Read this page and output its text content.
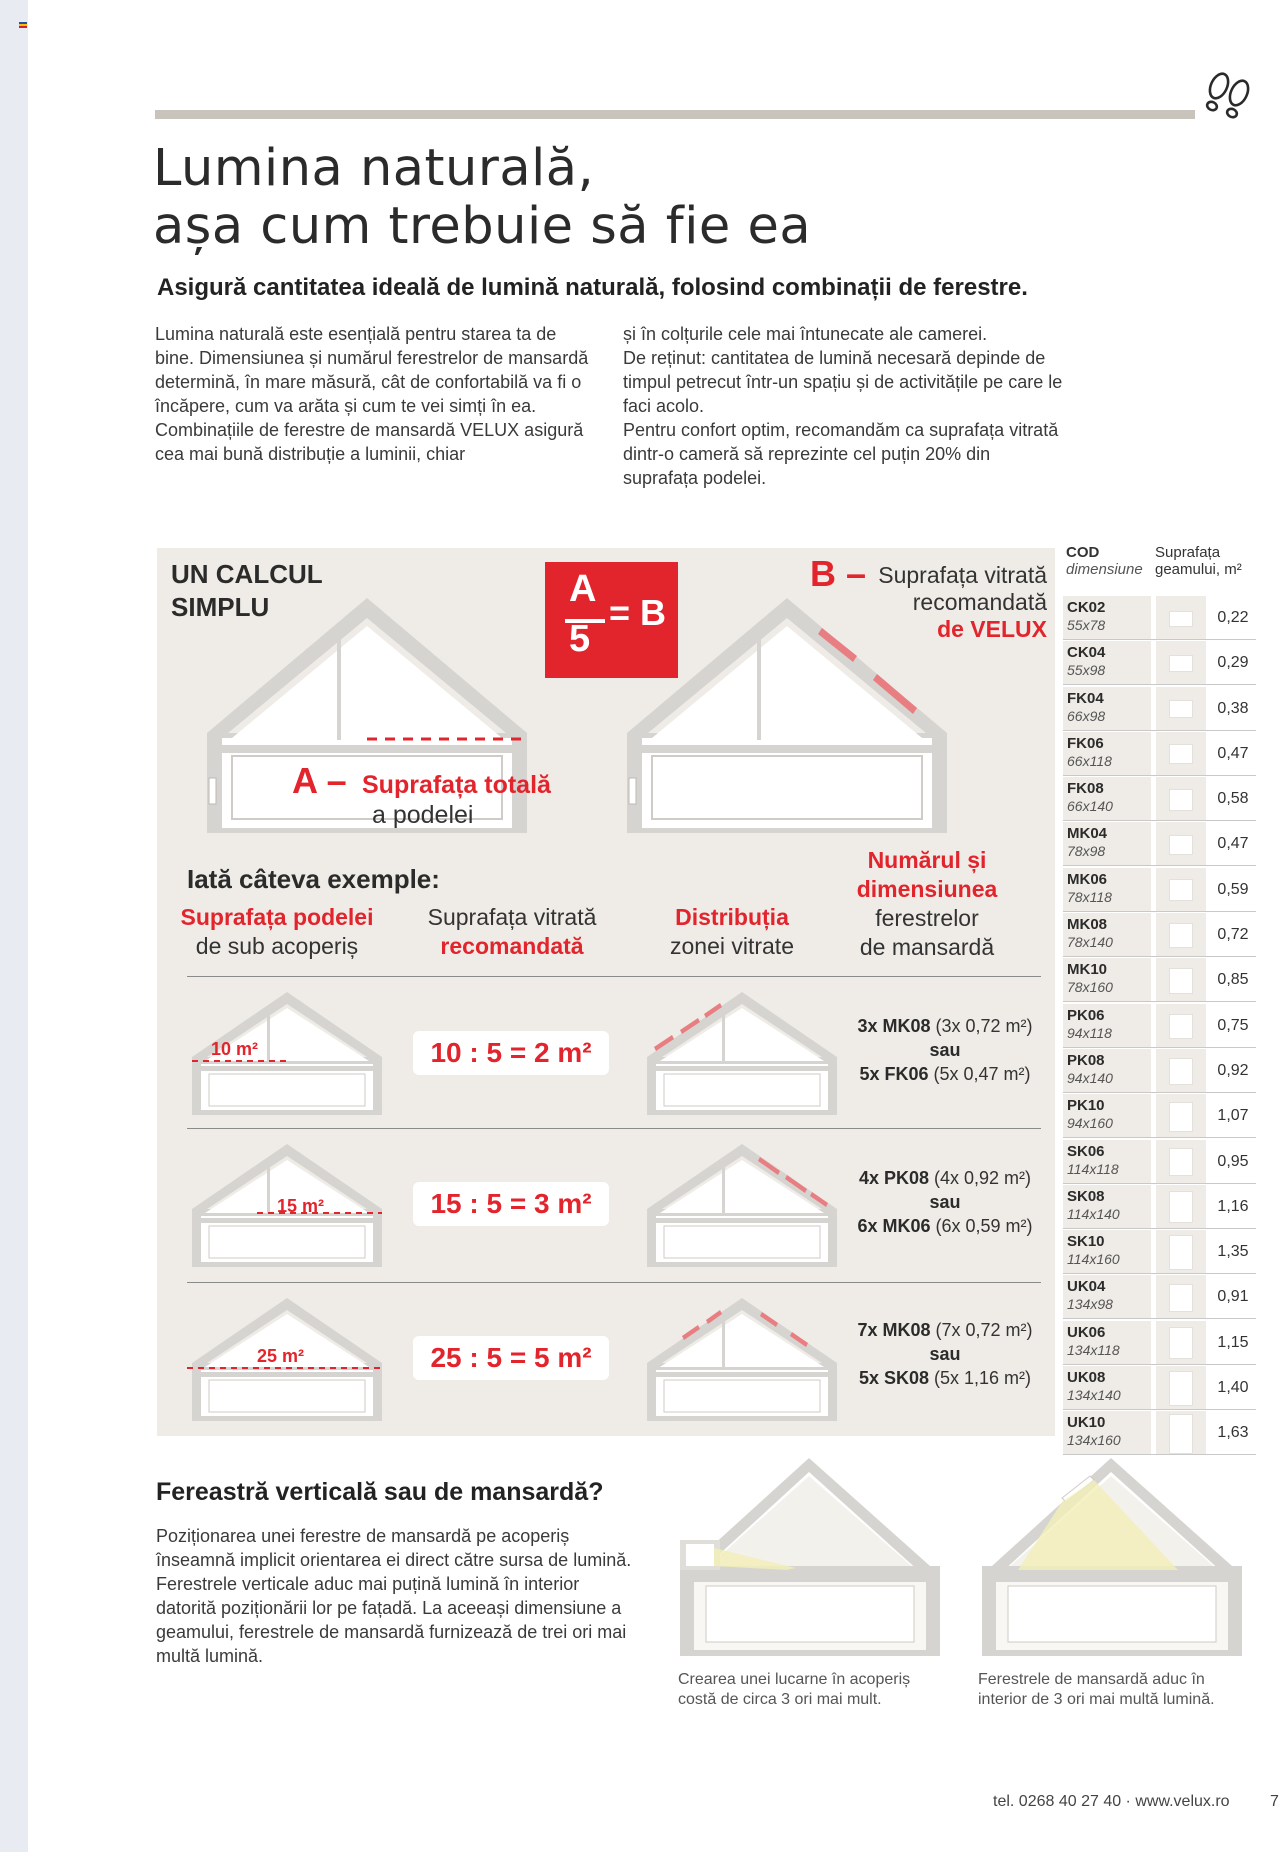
Lumina naturală,
așa cum trebuie să fie ea
Asigură cantitatea ideală de lumină naturală, folosind combinații de ferestre.

Lumina naturală este esențială pentru starea ta de bine. Dimensiunea și numărul ferestrelor de mansardă determină, în mare măsură, cât de confortabilă va fi o încăpere, cum va arăta și cum te vei simți în ea.

Combinațiile de ferestre de mansardă VELUX asigură cea mai bună distribuție a luminii, chiar

și în colțurile cele mai întunecate ale camerei.

De reținut: cantitatea de lumină necesară depinde de timpul petrecut într-un spațiu și de activitățile pe care le faci acolo.

Pentru confort optim, recomandăm ca suprafața vitrată dintr-o cameră să reprezinte cel puțin 20% din suprafața podelei.

UN CALCUL
SIMPLU	A
5
= B
B – Suprafața vitrată
recomandată
de VELUX
A – Suprafața totală
a podelei
Iată câteva exemple:
Suprafața podelei
de sub acoperiș
Suprafața vitrată
recomandată
Distribuția
zonei vitrate
Numărul și
dimensiunea
ferestrelor
de mansardă
10 m²	10 : 5 = 2 m²
3x MK08 (3x 0,72 m²)
sau
5x FK06 (5x 0,47 m²)
15 m²	15 : 5 = 3 m²
4x PK08 (4x 0,92 m²)
sau
6x MK06 (6x 0,59 m²)
25 m²	25 : 5 = 5 m²
7x MK08 (7x 0,72 m²)
sau
5x SK08 (5x 1,16 m²)
COD
dimensiune
Suprafața
geamului, m²
CK02
55x78	0,22
CK04
55x98	0,29
FK04
66x98	0,38
FK06
66x118	0,47
FK08
66x140	0,58
MK04
78x98	0,47
MK06
78x118	0,59
MK08
78x140	0,72
MK10
78x160	0,85
PK06
94x118	0,75
PK08
94x140	0,92
PK10
94x160	1,07
SK06
114x118	0,95
SK08
114x140	1,16
SK10
114x160	1,35
UK04
134x98	0,91
UK06
134x118	1,15
UK08
134x140	1,40
UK10
134x160	1,63
Fereastră verticală sau de mansardă?
Poziționarea unei ferestre de mansardă pe acoperiș înseamnă implicit orientarea ei direct către sursa de lumină. Ferestrele verticale aduc mai puțină lumină în interior datorită poziționării lor pe fațadă. La aceeași dimensiune a geamului, ferestrele de mansardă furnizează de trei ori mai multă lumină.
Crearea unei lucarne în acoperiș costă de circa 3 ori mai mult.
Ferestrele de mansardă aduc în interior de 3 ori mai multă lumină.
tel. 0268 40 27 40 · www.velux.ro	7
